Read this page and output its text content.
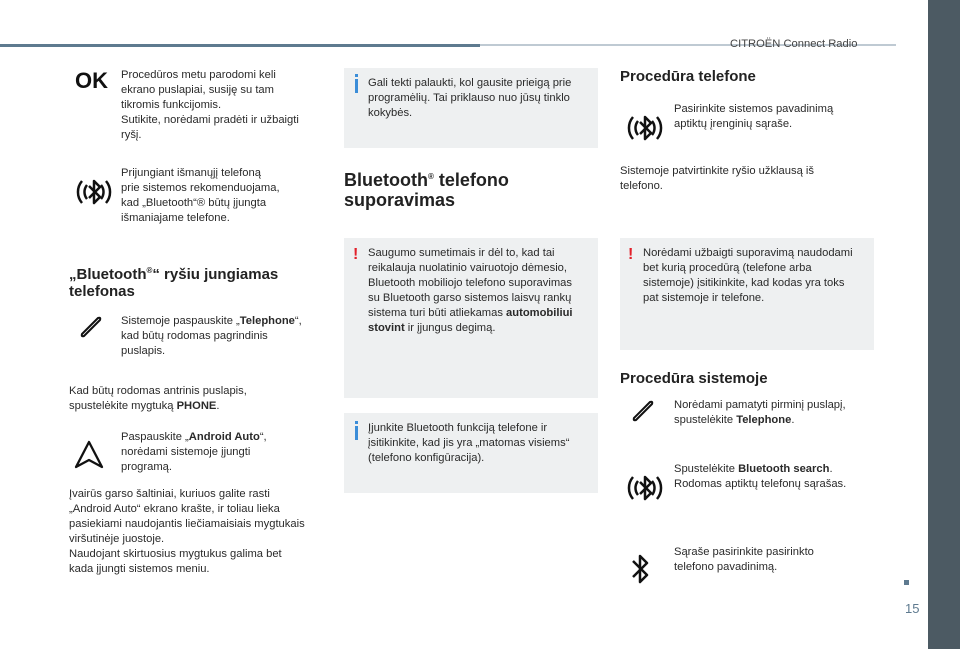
CITROËN Connect Radio
15
OK Procedūros metu parodomi keli
ekrano puslapiai, susiję su tam
tikromis funkcijomis.
Sutikite, norėdami pradėti ir užbaigti
ryšį.
Prijungiant išmanųjį telefoną
prie sistemos rekomenduojama,
kad „Bluetooth“® būtų įjungta
išmaniajame telefone.
„Bluetooth®“ ryšiu jungiamas
telefonas
Sistemoje paspauskite „Telephone“,
kad būtų rodomas pagrindinis
puslapis.
Kad būtų rodomas antrinis puslapis,
spustelėkite mygtuką PHONE.
Paspauskite „Android Auto“,
norėdami sistemoje įjungti
programą.
Įvairūs garso šaltiniai, kuriuos galite rasti
„Android Auto“ ekrano krašte, ir toliau lieka
pasiekiami naudojantis liečiamaisiais mygtukais
viršutinėje juostoje.
Naudojant skirtuosius mygtukus galima bet
kada įjungti sistemos meniu.
Gali tekti palaukti, kol gausite prieigą prie
programėlių. Tai priklauso nuo jūsų tinklo
kokybės.
Bluetooth® telefono
suporavimas
! Saugumo sumetimais ir dėl to, kad tai
reikalauja nuolatinio vairuotojo dėmesio,
Bluetooth mobiliojo telefono suporavimas
su Bluetooth garso sistemos laisvų rankų
sistema turi būti atliekamas automobiliui
stovint ir įjungus degimą.
Įjunkite Bluetooth funkciją telefone ir
įsitikinkite, kad jis yra „matomas visiems“
(telefono konfigūracija).
Procedūra telefone
Pasirinkite sistemos pavadinimą
aptiktų įrenginių sąraše.
Sistemoje patvirtinkite ryšio užklausą iš
telefono.
! Norėdami užbaigti suporavimą naudodami
bet kurią procedūrą (telefone arba
sistemoje) įsitikinkite, kad kodas yra toks
pat sistemoje ir telefone.
Procedūra sistemoje
Norėdami pamatyti pirminį puslapį,
spustelėkite Telephone.
Spustelėkite Bluetooth search.
Rodomas aptiktų telefonų sąrašas.
Sąraše pasirinkite pasirinkto
telefono pavadinimą.
